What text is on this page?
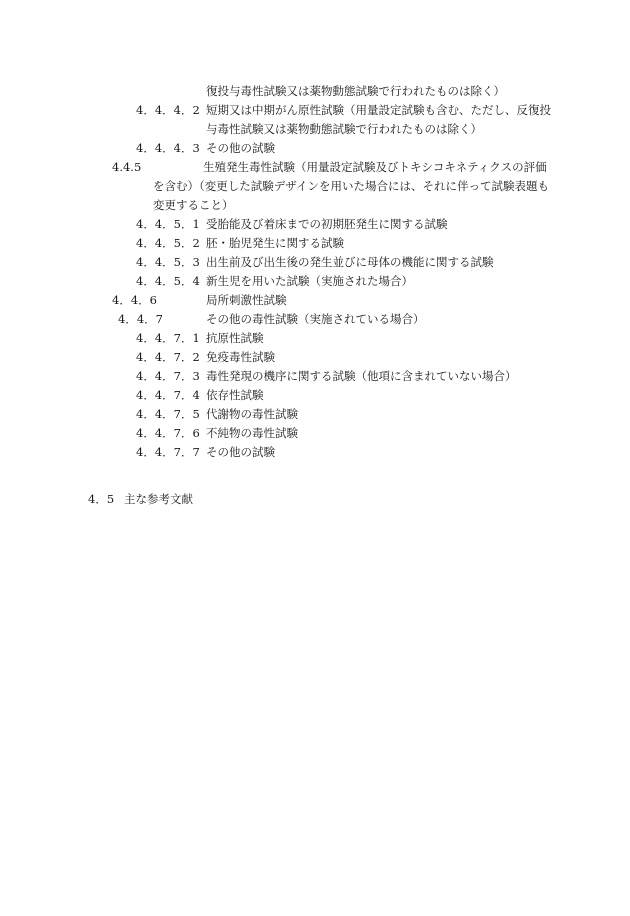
復投与毒性試験又は薬物動態試験で行われたものは除く）
4．4．4．2 短期又は中期がん原性試験（用量設定試験も含む、ただし、反復投
与毒性試験又は薬物動態試験で行われたものは除く）
4．4．4．3 その他の試験
4.4.5	生殖発生毒性試験（用量設定試験及びトキシコキネティクスの評価
を含む）（変更した試験デザインを用いた場合には、それに伴って試験表題も
変更すること）
4．4．5．1 受胎能及び着床までの初期胚発生に関する試験
4．4．5．2 胚・胎児発生に関する試験
4．4．5．3 出生前及び出生後の発生並びに母体の機能に関する試験
4．4．5．4 新生児を用いた試験（実施された場合）
4．4．6	局所刺激性試験
4．4．7	その他の毒性試験（実施されている場合）
4．4．7．1 抗原性試験
4．4．7．2 免疫毒性試験
4．4．7．3 毒性発現の機序に関する試験（他項に含まれていない場合）
4．4．7．4 依存性試験
4．4．7．5 代謝物の毒性試験
4．4．7．6 不純物の毒性試験
4．4．7．7 その他の試験
4．5 主な参考文献
